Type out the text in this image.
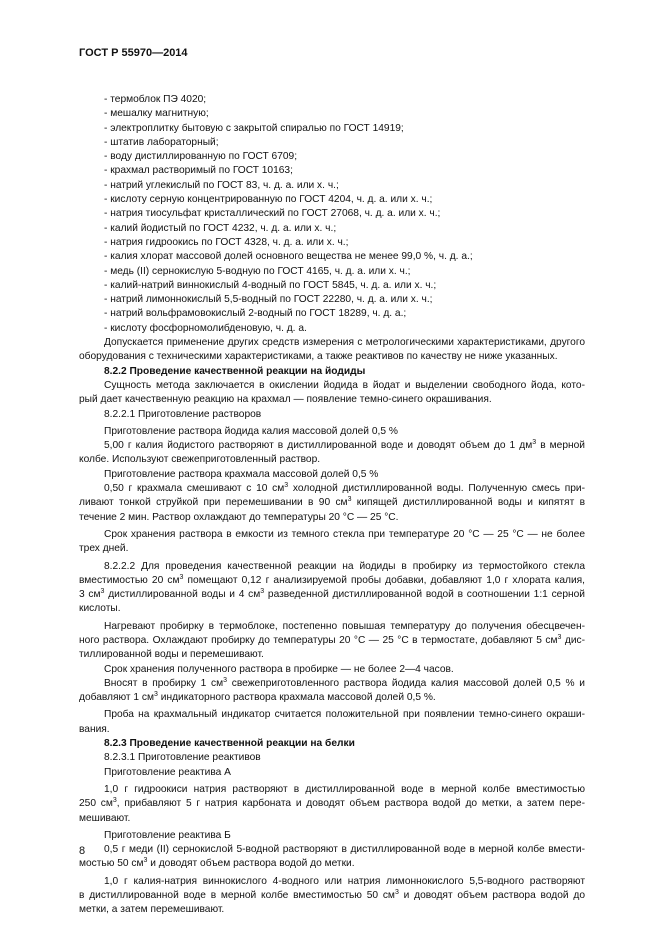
ГОСТ Р 55970—2014
- термоблок ПЭ 4020;
- мешалку магнитную;
- электроплитку бытовую с закрытой спиралью по ГОСТ 14919;
- штатив лабораторный;
- воду дистиллированную по ГОСТ 6709;
- крахмал растворимый по ГОСТ 10163;
- натрий углекислый по ГОСТ 83, ч. д. а. или х. ч.;
- кислоту серную концентрированную по ГОСТ 4204, ч. д. а. или х. ч.;
- натрия тиосульфат кристаллический по ГОСТ 27068, ч. д. а. или х. ч.;
- калий йодистый по ГОСТ 4232, ч. д. а. или х. ч.;
- натрия гидроокись по ГОСТ 4328, ч. д. а. или х. ч.;
- калия хлорат массовой долей основного вещества не менее 99,0 %, ч. д. а.;
- медь (II) сернокислую 5-водную по ГОСТ 4165, ч. д. а. или х. ч.;
- калий-натрий виннокислый 4-водный по ГОСТ 5845, ч. д. а. или х. ч.;
- натрий лимоннокислый 5,5-водный по ГОСТ 22280, ч. д. а. или х. ч.;
- натрий вольфрамовокислый 2-водный по ГОСТ 18289, ч. д. а.;
- кислоту фосфорномолибденовую, ч. д. а.
Допускается применение других средств измерения с метрологическими характеристиками, другого
оборудования с техническими характеристиками, а также реактивов по качеству не ниже указанных.
8.2.2 Проведение качественной реакции на йодиды
Сущность метода заключается в окислении йодида в йодат и выделении свободного йода, кото-
рый дает качественную реакцию на крахмал — появление темно-синего окрашивания.
8.2.2.1 Приготовление растворов
Приготовление раствора йодида калия массовой долей 0,5 %
5,00 г калия йодистого растворяют в дистиллированной воде и доводят объем до 1 $дм^3$ в мерной
колбе. Используют свежеприготовленный раствор.
Приготовление раствора крахмала массовой долей 0,5 %
0,50 г крахмала смешивают с 10 $см^3$ холодной дистиллированной воды. Полученную смесь при-
ливают тонкой струйкой при перемешивании в 90 $см^3$ кипящей дистиллированной воды и кипятят в
течение 2 мин. Раствор охлаждают до температуры 20 °С — 25 °С.
Срок хранения раствора в емкости из темного стекла при температуре 20 °С — 25 °С — не более
трех дней.
8.2.2.2 Для проведения качественной реакции на йодиды в пробирку из термостойкого стекла
вместимостью 20 $см^3$ помещают 0,12 г анализируемой пробы добавки, добавляют 1,0 г хлората калия,
3 $см^3$ дистиллированной воды и 4 $см^3$ разведенной дистиллированной водой в соотношении 1:1 серной
кислоты.
Нагревают пробирку в термоблоке, постепенно повышая температуру до получения обесцвечен-
ного раствора. Охлаждают пробирку до температуры 20 °С — 25 °С в термостате, добавляют 5 $см^3$ дис-
тиллированной воды и перемешивают.
Срок хранения полученного раствора в пробирке — не более 2—4 часов.
Вносят в пробирку 1 $см^3$ свежеприготовленного раствора йодида калия массовой долей 0,5 % и
добавляют 1 $см^3$ индикаторного раствора крахмала массовой долей 0,5 %.
Проба на крахмальный индикатор считается положительной при появлении темно-синего окраши-
вания.
8.2.3 Проведение качественной реакции на белки
8.2.3.1 Приготовление реактивов
Приготовление реактива А
1,0 г гидроокиси натрия растворяют в дистиллированной воде в мерной колбе вместимостью
250 $см^3$, прибавляют 5 г натрия карбоната и доводят объем раствора водой до метки, а затем пере-
мешивают.
Приготовление реактива Б
0,5 г меди (II) сернокислой 5-водной растворяют в дистиллированной воде в мерной колбе вмести-
мостью 50 $см^3$ и доводят объем раствора водой до метки.
1,0 г калия-натрия виннокислого 4-водного или натрия лимоннокислого 5,5-водного растворяют
в дистиллированной воде в мерной колбе вместимостью 50 $см^3$ и доводят объем раствора водой до
метки, а затем перемешивают.
8
